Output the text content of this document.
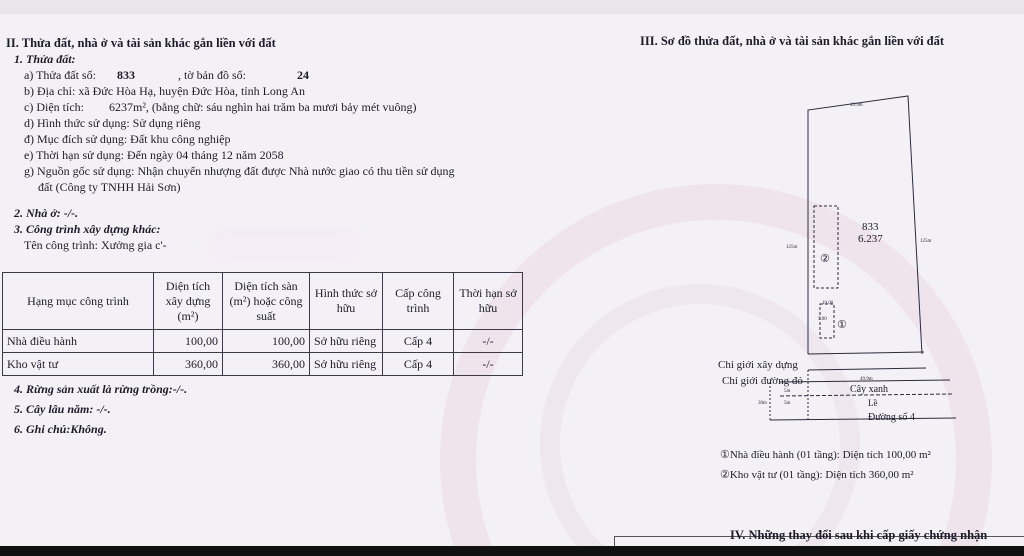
II. Thửa đất, nhà ở và tài sản khác gắn liền với đất
1. Thửa đất:
a) Thửa đất số: 833	, tờ bản đồ số:	24
b) Địa chỉ: xã Đức Hòa Hạ, huyện Đức Hòa, tỉnh Long An
c) Diện tích: 6237m², (bằng chữ: sáu nghìn hai trăm ba mươi bảy mét vuông)
d) Hình thức sử dụng: Sử dụng riêng
đ) Mục đích sử dụng: Đất khu công nghiệp
e) Thời hạn sử dụng: Đến ngày 04 tháng 12 năm 2058
g) Nguồn gốc sử dụng: Nhận chuyển nhượng đất được Nhà nước giao có thu tiền sử dụng
đất (Công ty TNHH Hải Sơn)
2. Nhà ở: -/-.
3. Công trình xây dựng khác:
Tên công trình: Xưởng gia c'-
Hạng mục công trình	Diện tích xây dựng (m²)	Diện tích sàn (m²) hoặc công suất	Hình thức sở hữu	Cấp công trình	Thời hạn sở hữu
Nhà điều hành	100,00	100,00	Sở hữu riêng	Cấp 4	-/-
Kho vật tư	360,00	360,00	Sở hữu riêng	Cấp 4	-/-
4. Rừng sản xuất là rừng trồng:-/-.
5. Cây lâu năm: -/-.
6. Ghi chú:Không.
III. Sơ đồ thửa đất, nhà ở và tài sản khác gắn liền với đất
49.9m
125m
125m
833
6.237
②
①
10.00
5.00
Chỉ giới xây dựng
Chỉ giới đường đỏ
Cây xanh
Lề
Đường số 4
5m
5m
30m
49.9m
①Nhà điều hành (01 tầng): Diện tích 100,00 m²
②Kho vật tư (01 tầng): Diện tích 360,00 m²
IV. Những thay đổi sau khi cấp giấy chứng nhận
